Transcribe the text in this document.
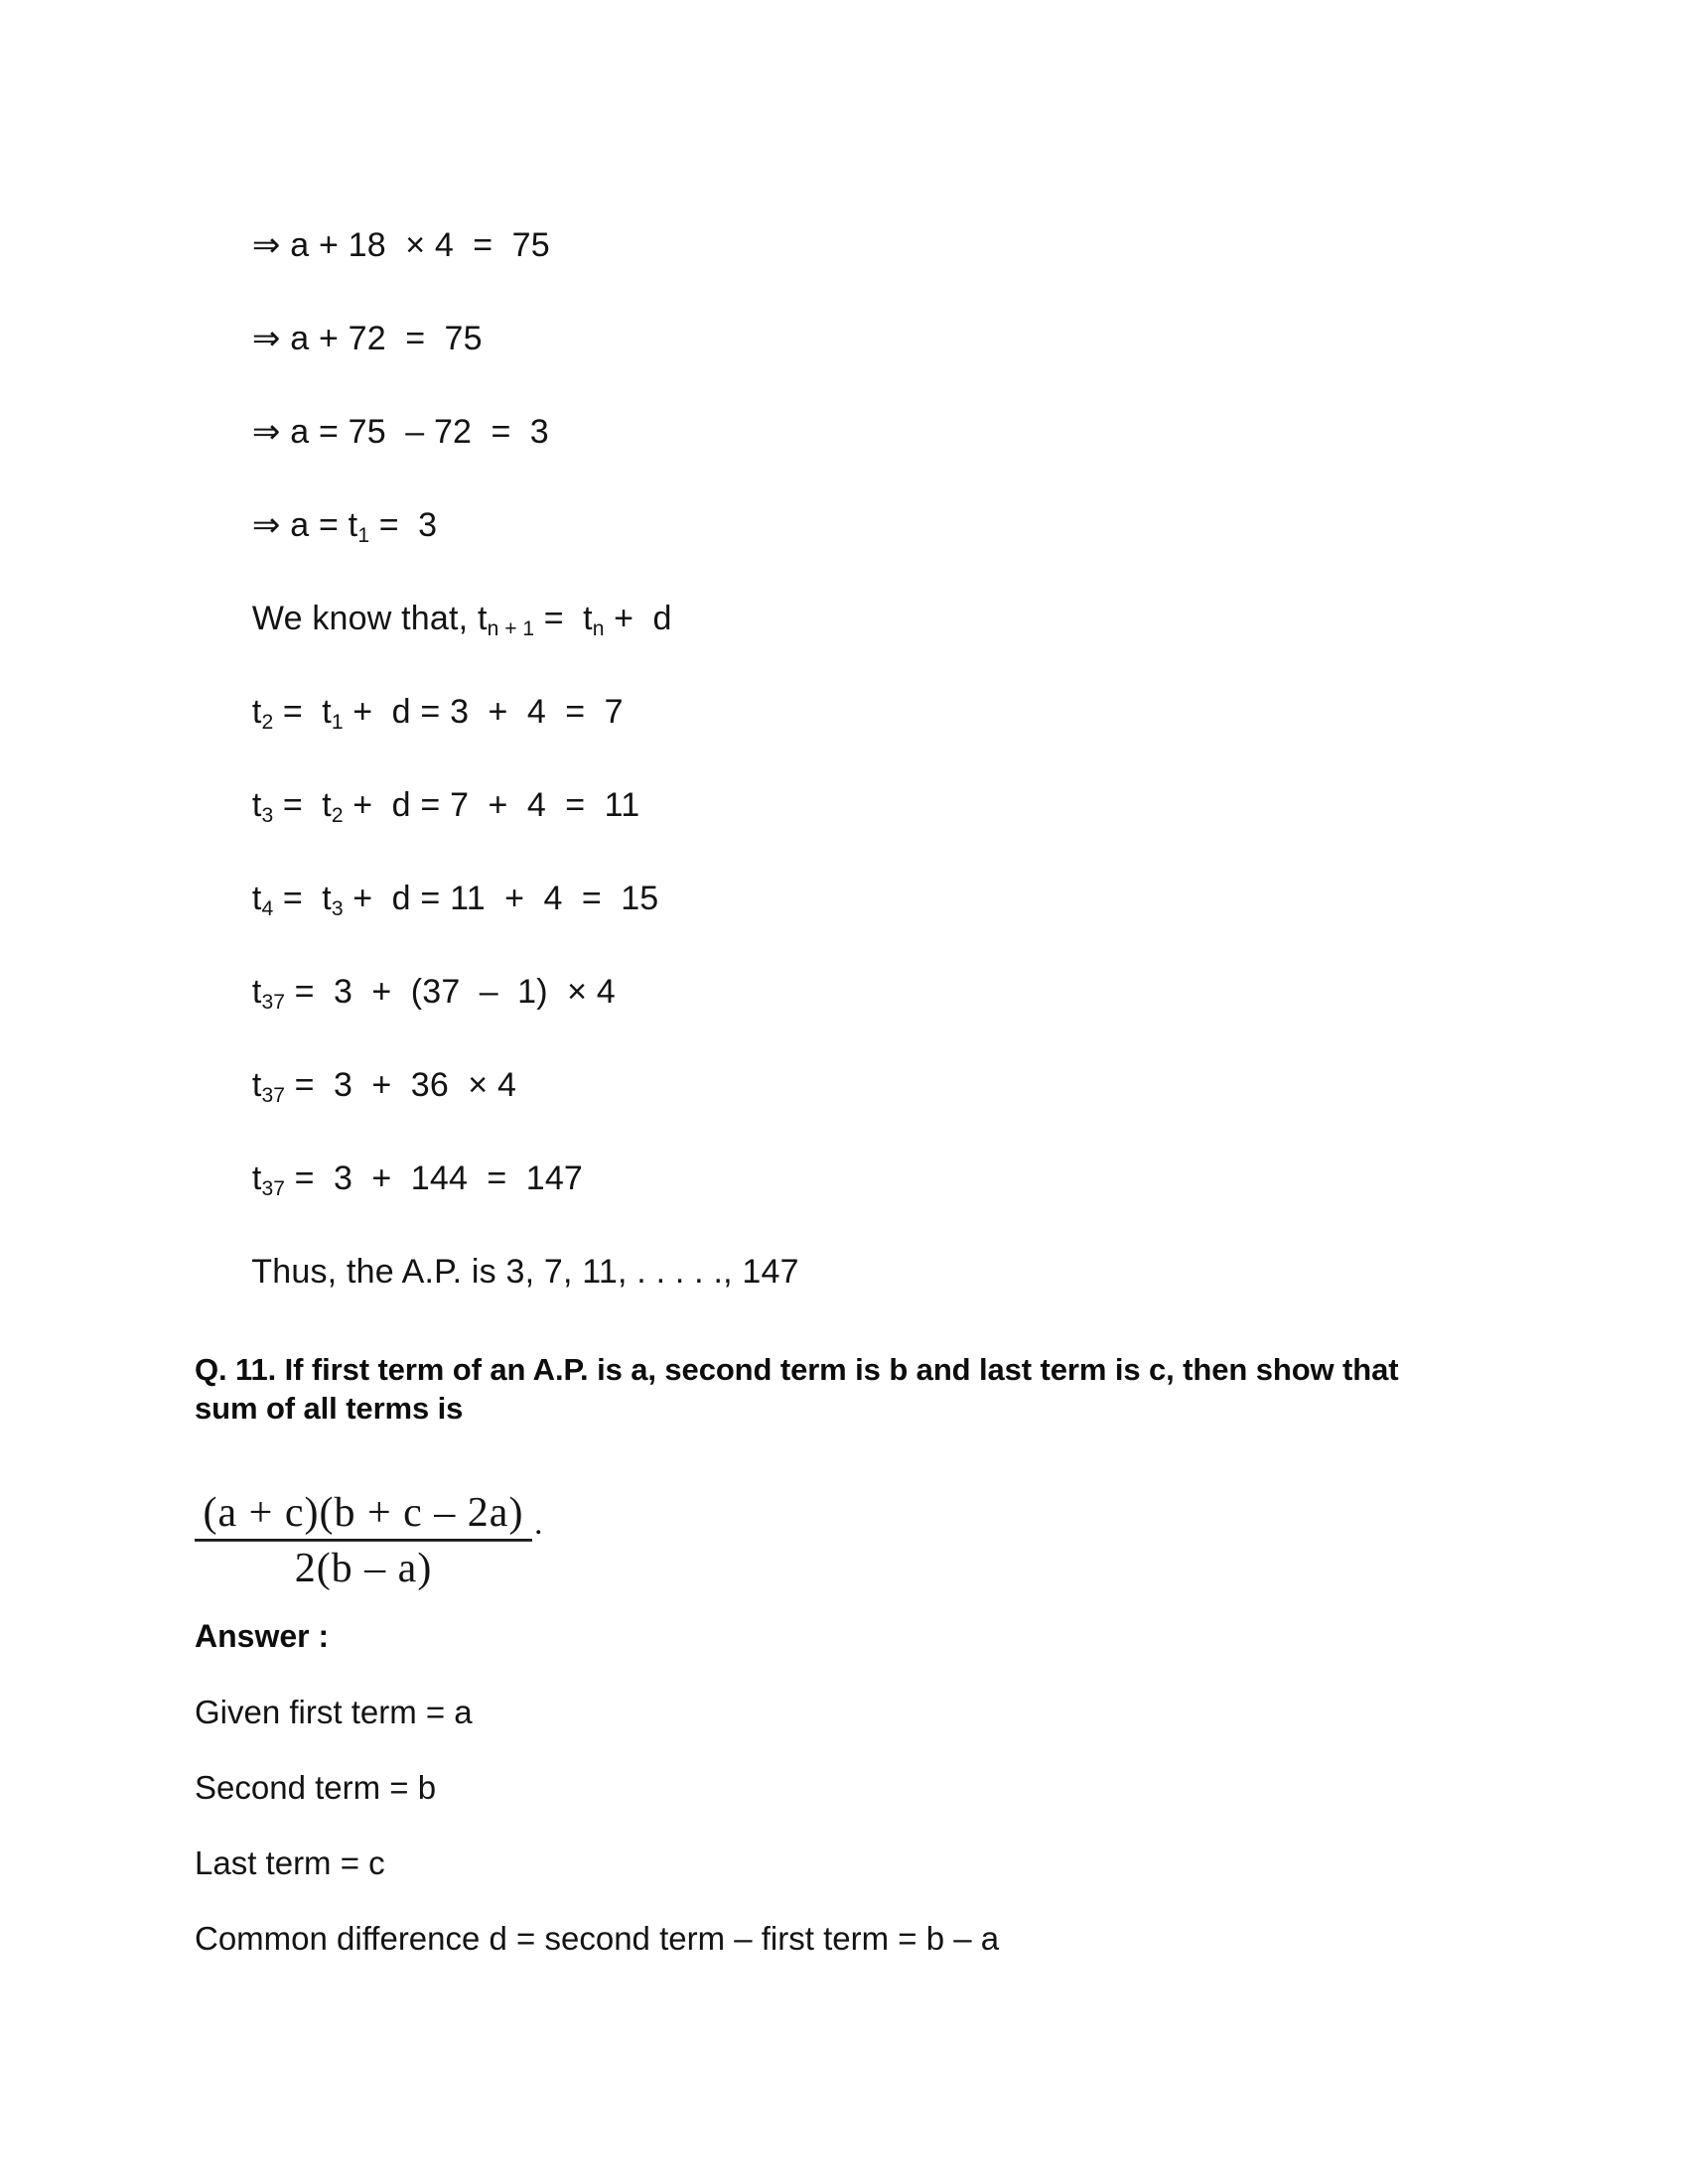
⇒ a + 18  × 4  =  75

⇒ a + 72  =  75

⇒ a = 75  – 72  =  3

⇒ $a = t_1 = 3$

We know that, $t_{n + 1} = t_n + d$

$t_2 = t_1 + d = 3 + 4 = 7$

$t_3 = t_2 + d = 7 + 4 = 11$

$t_4 = t_3 + d = 11 + 4 = 15$

$t_{37} = 3 + (37 - 1) \times 4$

$t_{37} = 3 + 36 \times 4$

$t_{37} = 3 + 144 = 147$

Thus, the A.P. is 3, 7, 11, . . . . ., 147

Q. 11. If first term of an A.P. is a, second term is b and last term is c, then show that sum of all terms is
$\frac{(a + c)(b + c - 2a)}{2(b - a)}$ .
Answer :
Given first term = a
Second term = b
Last term = c
Common difference d = second term – first term = b – a
